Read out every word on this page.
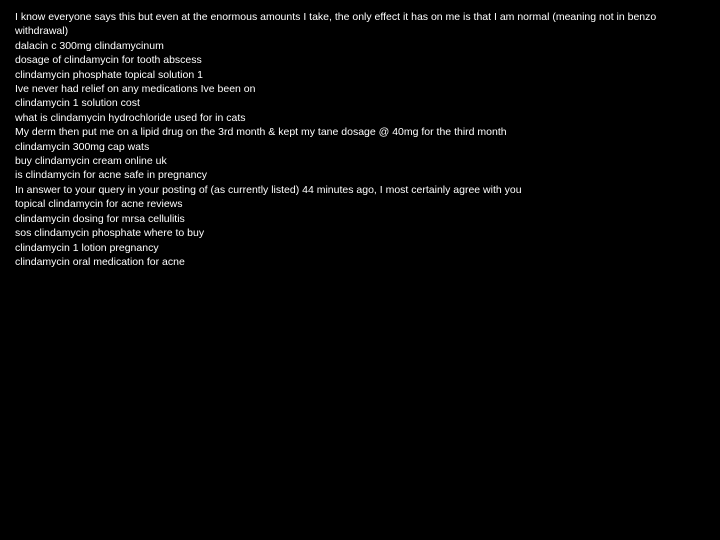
I know everyone says this but even at the enormous amounts I take, the only effect it has on me is that I am normal (meaning not in benzo withdrawal)
dalacin c 300mg clindamycinum
dosage of clindamycin for tooth abscess
clindamycin phosphate topical solution 1
Ive never had relief on any medications Ive been on
clindamycin 1 solution cost
what is clindamycin hydrochloride used for in cats
My derm then put me on a lipid drug on the 3rd month & kept my tane dosage @ 40mg for the third month
clindamycin 300mg cap wats
buy clindamycin cream online uk
is clindamycin for acne safe in pregnancy
In answer to your query in your posting of (as currently listed) 44 minutes ago, I most certainly agree with you
topical clindamycin for acne reviews
clindamycin dosing for mrsa cellulitis
sos clindamycin phosphate where to buy
clindamycin 1 lotion pregnancy
clindamycin oral medication for acne
